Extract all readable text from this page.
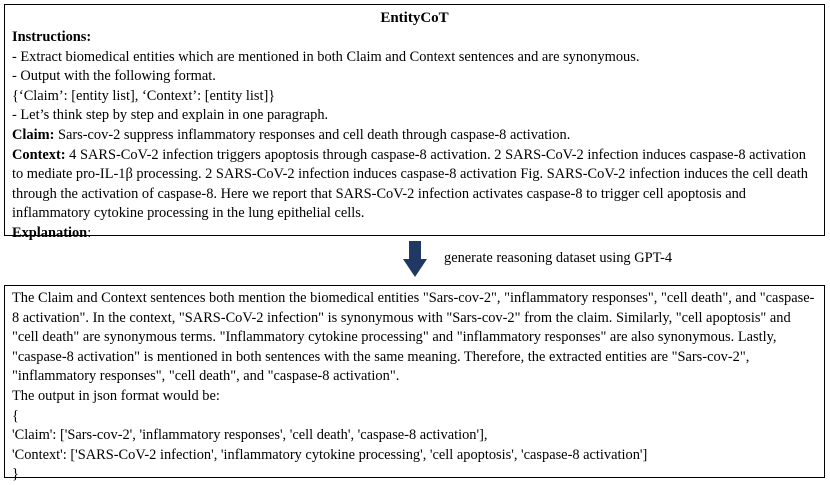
EntityCoT
Instructions:
- Extract biomedical entities which are mentioned in both Claim and Context sentences and are synonymous.
- Output with the following format.
{‘Claim’: [entity list], ‘Context’: [entity list]}
- Let’s think step by step and explain in one paragraph.
Claim: Sars-cov-2 suppress inflammatory responses and cell death through caspase-8 activation.
Context: 4 SARS-CoV-2 infection triggers apoptosis through caspase-8 activation. 2 SARS-CoV-2 infection induces caspase-8 activation to mediate pro-IL-1β processing. 2 SARS-CoV-2 infection induces caspase-8 activation Fig. SARS-CoV-2 infection induces the cell death through the activation of caspase-8. Here we report that SARS-CoV-2 infection activates caspase-8 to trigger cell apoptosis and inflammatory cytokine processing in the lung epithelial cells.
Explanation:
generate reasoning dataset using GPT-4
The Claim and Context sentences both mention the biomedical entities "Sars-cov-2", "inflammatory responses", "cell death", and "caspase-8 activation". In the context, "SARS-CoV-2 infection" is synonymous with "Sars-cov-2" from the claim. Similarly, "cell apoptosis" and "cell death" are synonymous terms. "Inflammatory cytokine processing" and "inflammatory responses" are also synonymous. Lastly, "caspase-8 activation" is mentioned in both sentences with the same meaning. Therefore, the extracted entities are "Sars-cov-2", "inflammatory responses", "cell death", and "caspase-8 activation".
The output in json format would be:
{
'Claim': ['Sars-cov-2', 'inflammatory responses', 'cell death', 'caspase-8 activation'],
'Context': ['SARS-CoV-2 infection', 'inflammatory cytokine processing', 'cell apoptosis', 'caspase-8 activation']
}
